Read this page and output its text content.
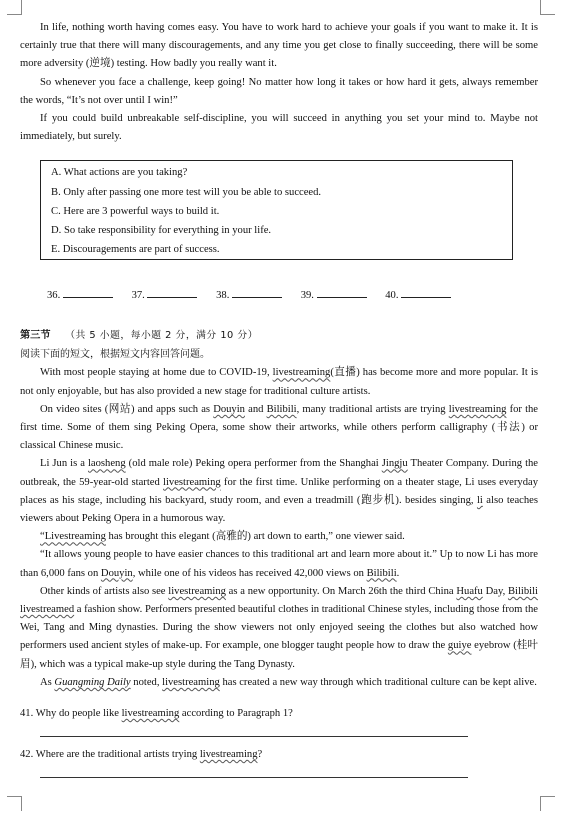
In life, nothing worth having comes easy. You have to work hard to achieve your goals if you want to make it. It is certainly true that there will many discouragements, and any time you get close to finally succeeding, there will be some more adversity (逆境) testing. How badly you really want it.

So whenever you face a challenge, keep going! No matter how long it takes or how hard it gets, always remember the words, “It’s not over until I win!”

If you could build unbreakable self-discipline, you will succeed in anything you set your mind to. Maybe not immediately, but surely.

A. What actions are you taking?

B. Only after passing one more test will you be able to succeed.

C. Here are 3 powerful ways to build it.

D. So take responsibility for everything in your life.

E. Discouragements are part of success.

36.	37.	38.	39.	40.
第三节 （共 5 小题，每小题 2 分，满分 10 分）

阅读下面的短文，根据短文内容回答问题。

With most people staying at home due to COVID-19, livestreaming(直播) has become more and more popular. It is not only enjoyable, but has also provided a new stage for traditional culture artists.

On video sites (网站) and apps such as Douyin and Bilibili, many traditional artists are trying livestreaming for the first time. Some of them sing Peking Opera, some show their artworks, while others perform calligraphy (书法) or classical Chinese music.

Li Jun is a laosheng (old male role) Peking opera performer from the Shanghai Jingju Theater Company. During the outbreak, the 59-year-old started livestreaming for the first time. Unlike performing on a theater stage, Li uses everyday places as his stage, including his backyard, study room, and even a treadmill (跑步机). besides singing, li also teaches viewers about Peking Opera in a humorous way.

“Livestreaming has brought this elegant (高雅的) art down to earth,” one viewer said.

“It allows young people to have easier chances to this traditional art and learn more about it.” Up to now Li has more than 6,000 fans on Douyin, while one of his videos has received 42,000 views on Bilibili.

Other kinds of artists also see livestreaming as a new opportunity. On March 26th the third China Huafu Day, Bilibili livestreamed a fashion show. Performers presented beautiful clothes in traditional Chinese styles, including those from the Wei, Tang and Ming dynasties. During the show viewers not only enjoyed seeing the clothes but also watched how performers used ancient styles of make-up. For example, one blogger taught people how to draw the guiye eyebrow (桂叶眉), which was a typical make-up style during the Tang Dynasty.

As Guangming Daily noted, livestreaming has created a new way through which traditional culture can be kept alive.

41. Why do people like livestreaming according to Paragraph 1?

42. Where are the traditional artists trying livestreaming?
